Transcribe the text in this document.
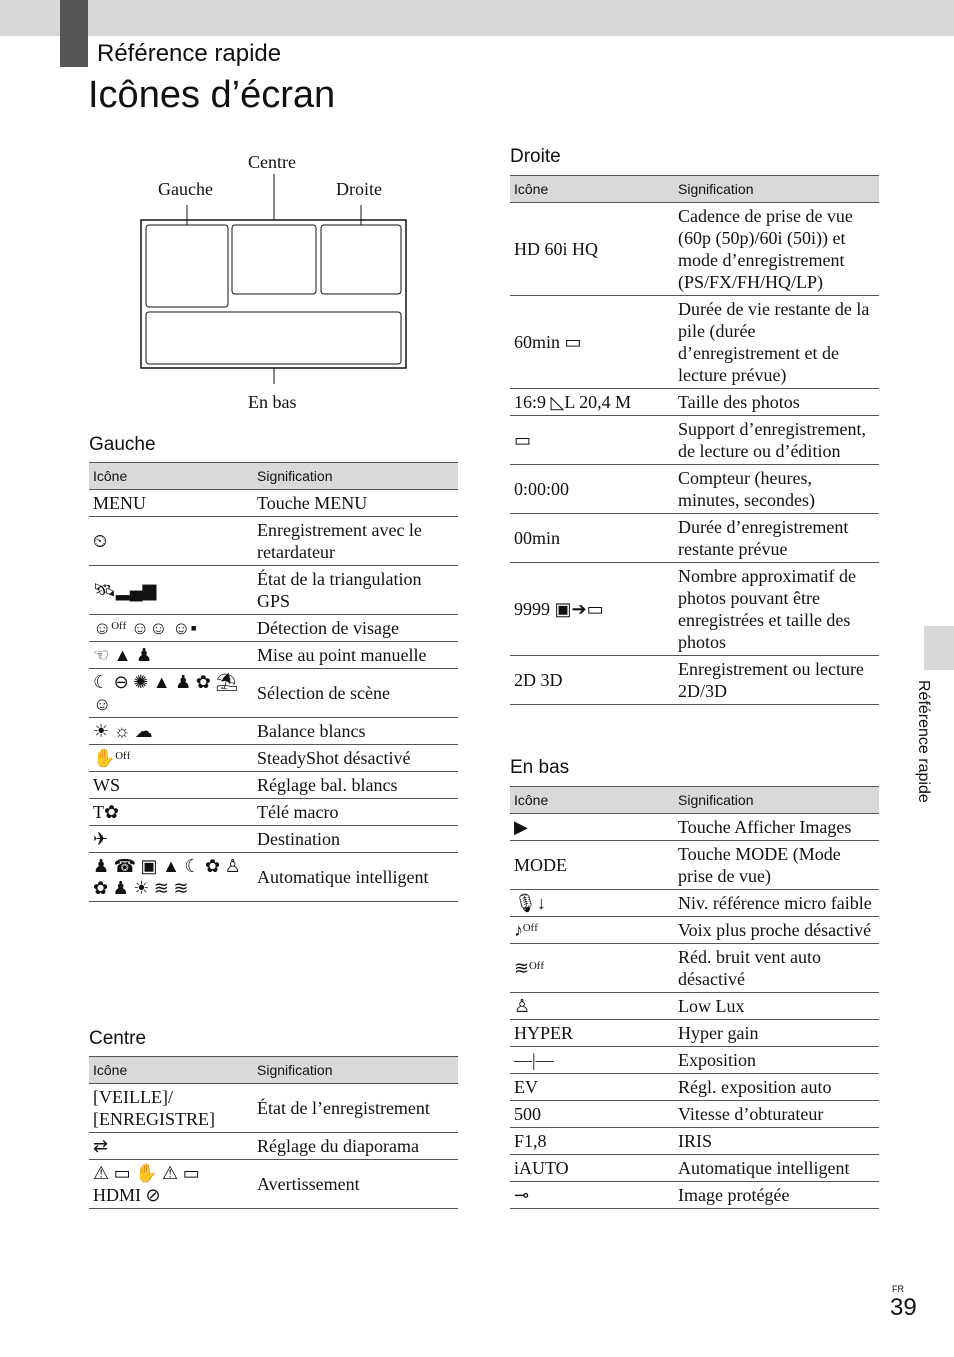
Référence rapide
Icônes d’écran
Référence rapide
Centre
Gauche	Droite
En bas
Gauche
Icône	Signification
MENU	Touche MENU
⏲	Enregistrement avec le retardateur
🛰▂▄▆	État de la triangulation GPS
☺ᴼᶠᶠ ☺☺ ☺▪	Détection de visage
☜ ▲ ♟	Mise au point manuelle
☾ ⊖ ✺ ▲ ♟ ✿ ⛱ ☺	Sélection de scène
☀ ☼ ☁	Balance blancs
✋ᴼᶠᶠ	SteadyShot désactivé
WS	Réglage bal. blancs
T✿	Télé macro
✈	Destination
♟ ☎ ▣ ▲ ☾ ✿ ♙ ✿ ♟ ☀ ≋ ≋	Automatique intelligent
Centre
Icône	Signification
[VEILLE]/ [ENREGISTRE]	État de l’enregistrement
⇄	Réglage du diaporama
⚠ ▭ ✋ ⚠ ▭ HDMI ⊘	Avertissement
Droite
Icône	Signification
HD 60i HQ	Cadence de prise de vue (60p (50p)/60i (50i)) et mode d’enregistrement (PS/FX/FH/HQ/LP)
60min ▭	Durée de vie restante de la pile (durée d’enregistrement et de lecture prévue)
16:9 ◺L 20,4 M	Taille des photos
▭	Support d’enregistrement, de lecture ou d’édition
0:00:00	Compteur (heures, minutes, secondes)
00min	Durée d’enregistrement restante prévue
9999 ▣➔▭	Nombre approximatif de photos pouvant être enregistrées et taille des photos
2D 3D	Enregistrement ou lecture 2D/3D
En bas
Icône	Signification
▶	Touche Afficher Images
MODE	Touche MODE (Mode prise de vue)
🎙↓	Niv. référence micro faible
♪ᴼᶠᶠ	Voix plus proche désactivé
≋ᴼᶠᶠ	Réd. bruit vent auto désactivé
♙	Low Lux
HYPER	Hyper gain
—|—	Exposition
EV	Régl. exposition auto
500	Vitesse d’obturateur
F1,8	IRIS
iAUTO	Automatique intelligent
⊸	Image protégée
FR
39
